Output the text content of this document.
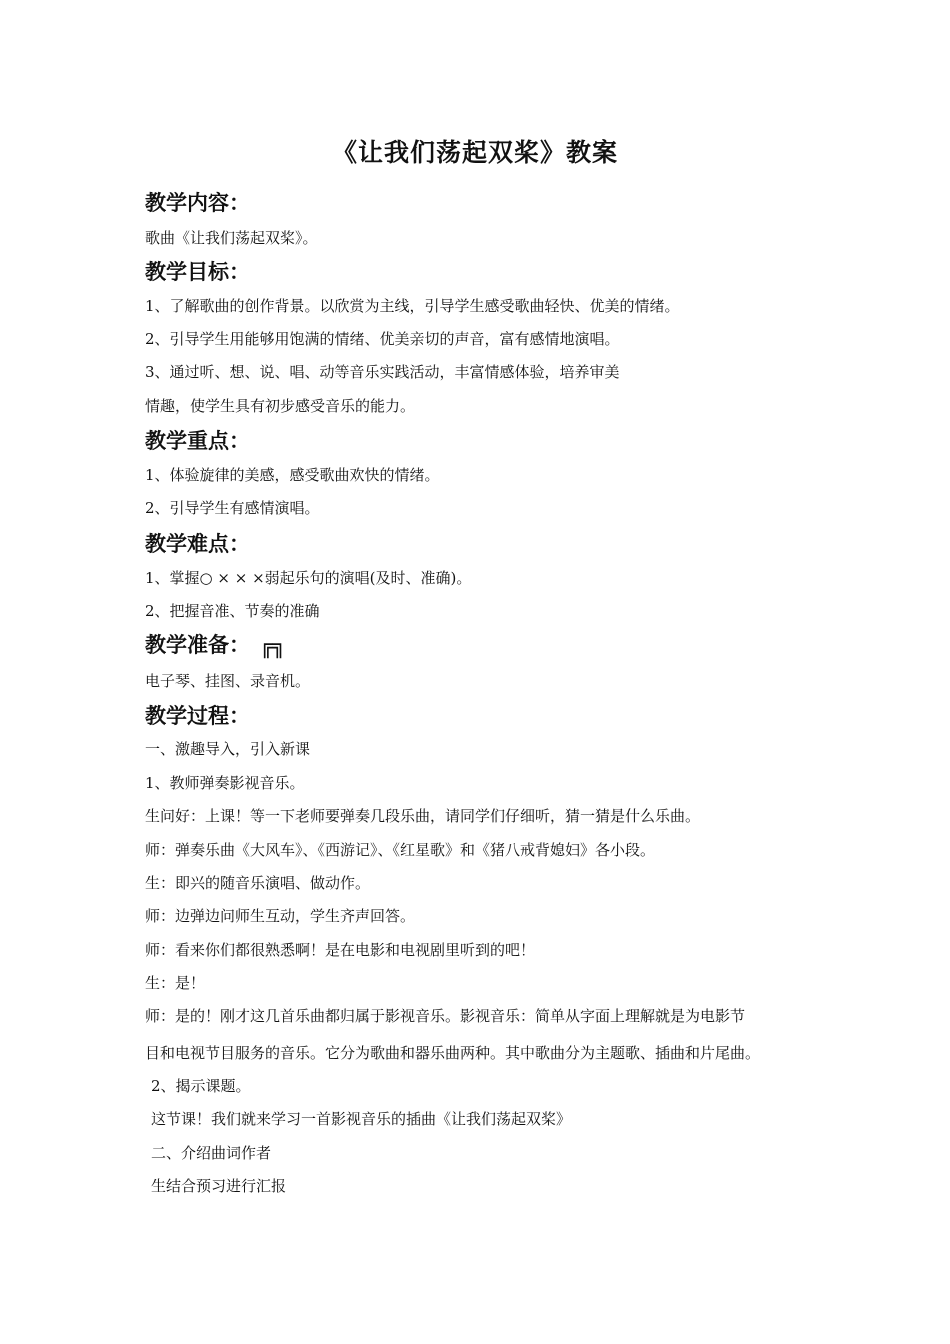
《让我们荡起双桨》教案
教学内容：
歌曲《让我们荡起双桨》。
教学目标：
1、了解歌曲的创作背景。以欣赏为主线，引导学生感受歌曲轻快、优美的情绪。
2、引导学生用能够用饱满的情绪、优美亲切的声音，富有感情地演唱。
3、通过听、想、说、唱、动等音乐实践活动，丰富情感体验，培养审美
情趣，使学生具有初步感受音乐的能力。
教学重点：
1、体验旋律的美感，感受歌曲欢快的情绪。
2、引导学生有感情演唱。
教学难点：
1、掌握○ × × ×弱起乐句的演唱(及时、准确)。
2、把握音准、节奏的准确
教学准备： ╔╗
电子琴、挂图、录音机。
教学过程：
一、激趣导入，引入新课
1、教师弹奏影视音乐。
生问好：上课！等一下老师要弹奏几段乐曲，请同学们仔细听，猜一猜是什么乐曲。
师：弹奏乐曲《大风车》、《西游记》、《红星歌》和《猪八戒背媳妇》各小段。
生：即兴的随音乐演唱、做动作。
师：边弹边问师生互动，学生齐声回答。
师：看来你们都很熟悉啊！是在电影和电视剧里听到的吧！
生：是！
师：是的！刚才这几首乐曲都归属于影视音乐。影视音乐：简单从字面上理解就是为电影节
目和电视节目服务的音乐。它分为歌曲和器乐曲两种。其中歌曲分为主题歌、插曲和片尾曲。
2、揭示课题。
这节课！我们就来学习一首影视音乐的插曲《让我们荡起双桨》
二、介绍曲词作者
生结合预习进行汇报
